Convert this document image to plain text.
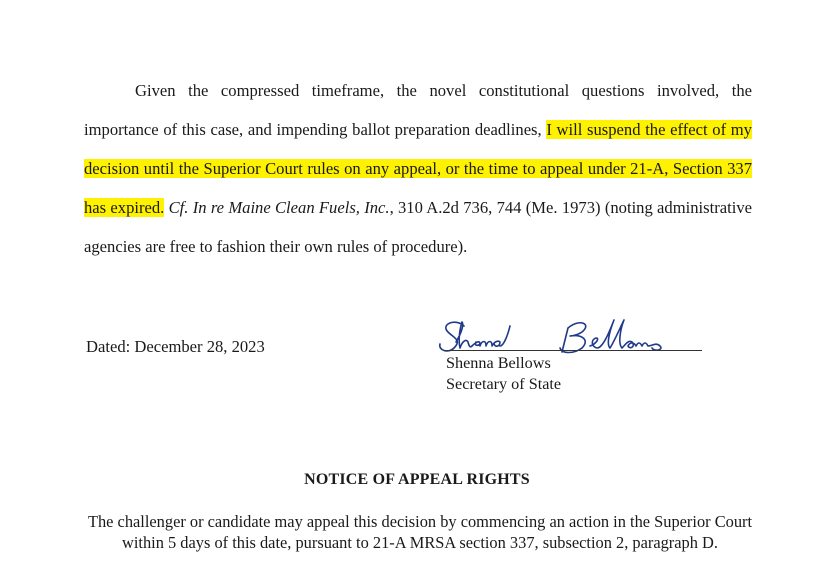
Given the compressed timeframe, the novel constitutional questions involved, the importance of this case, and impending ballot preparation deadlines, I will suspend the effect of my decision until the Superior Court rules on any appeal, or the time to appeal under 21-A, Section 337 has expired. Cf. In re Maine Clean Fuels, Inc., 310 A.2d 736, 744 (Me. 1973) (noting administrative agencies are free to fashion their own rules of procedure).

Dated: December 28, 2023
Shenna Bellows
Secretary of State
NOTICE OF APPEAL RIGHTS
The challenger or candidate may appeal this decision by commencing an action in the Superior Court within 5 days of this date, pursuant to 21-A MRSA section 337, subsection 2, paragraph D.
